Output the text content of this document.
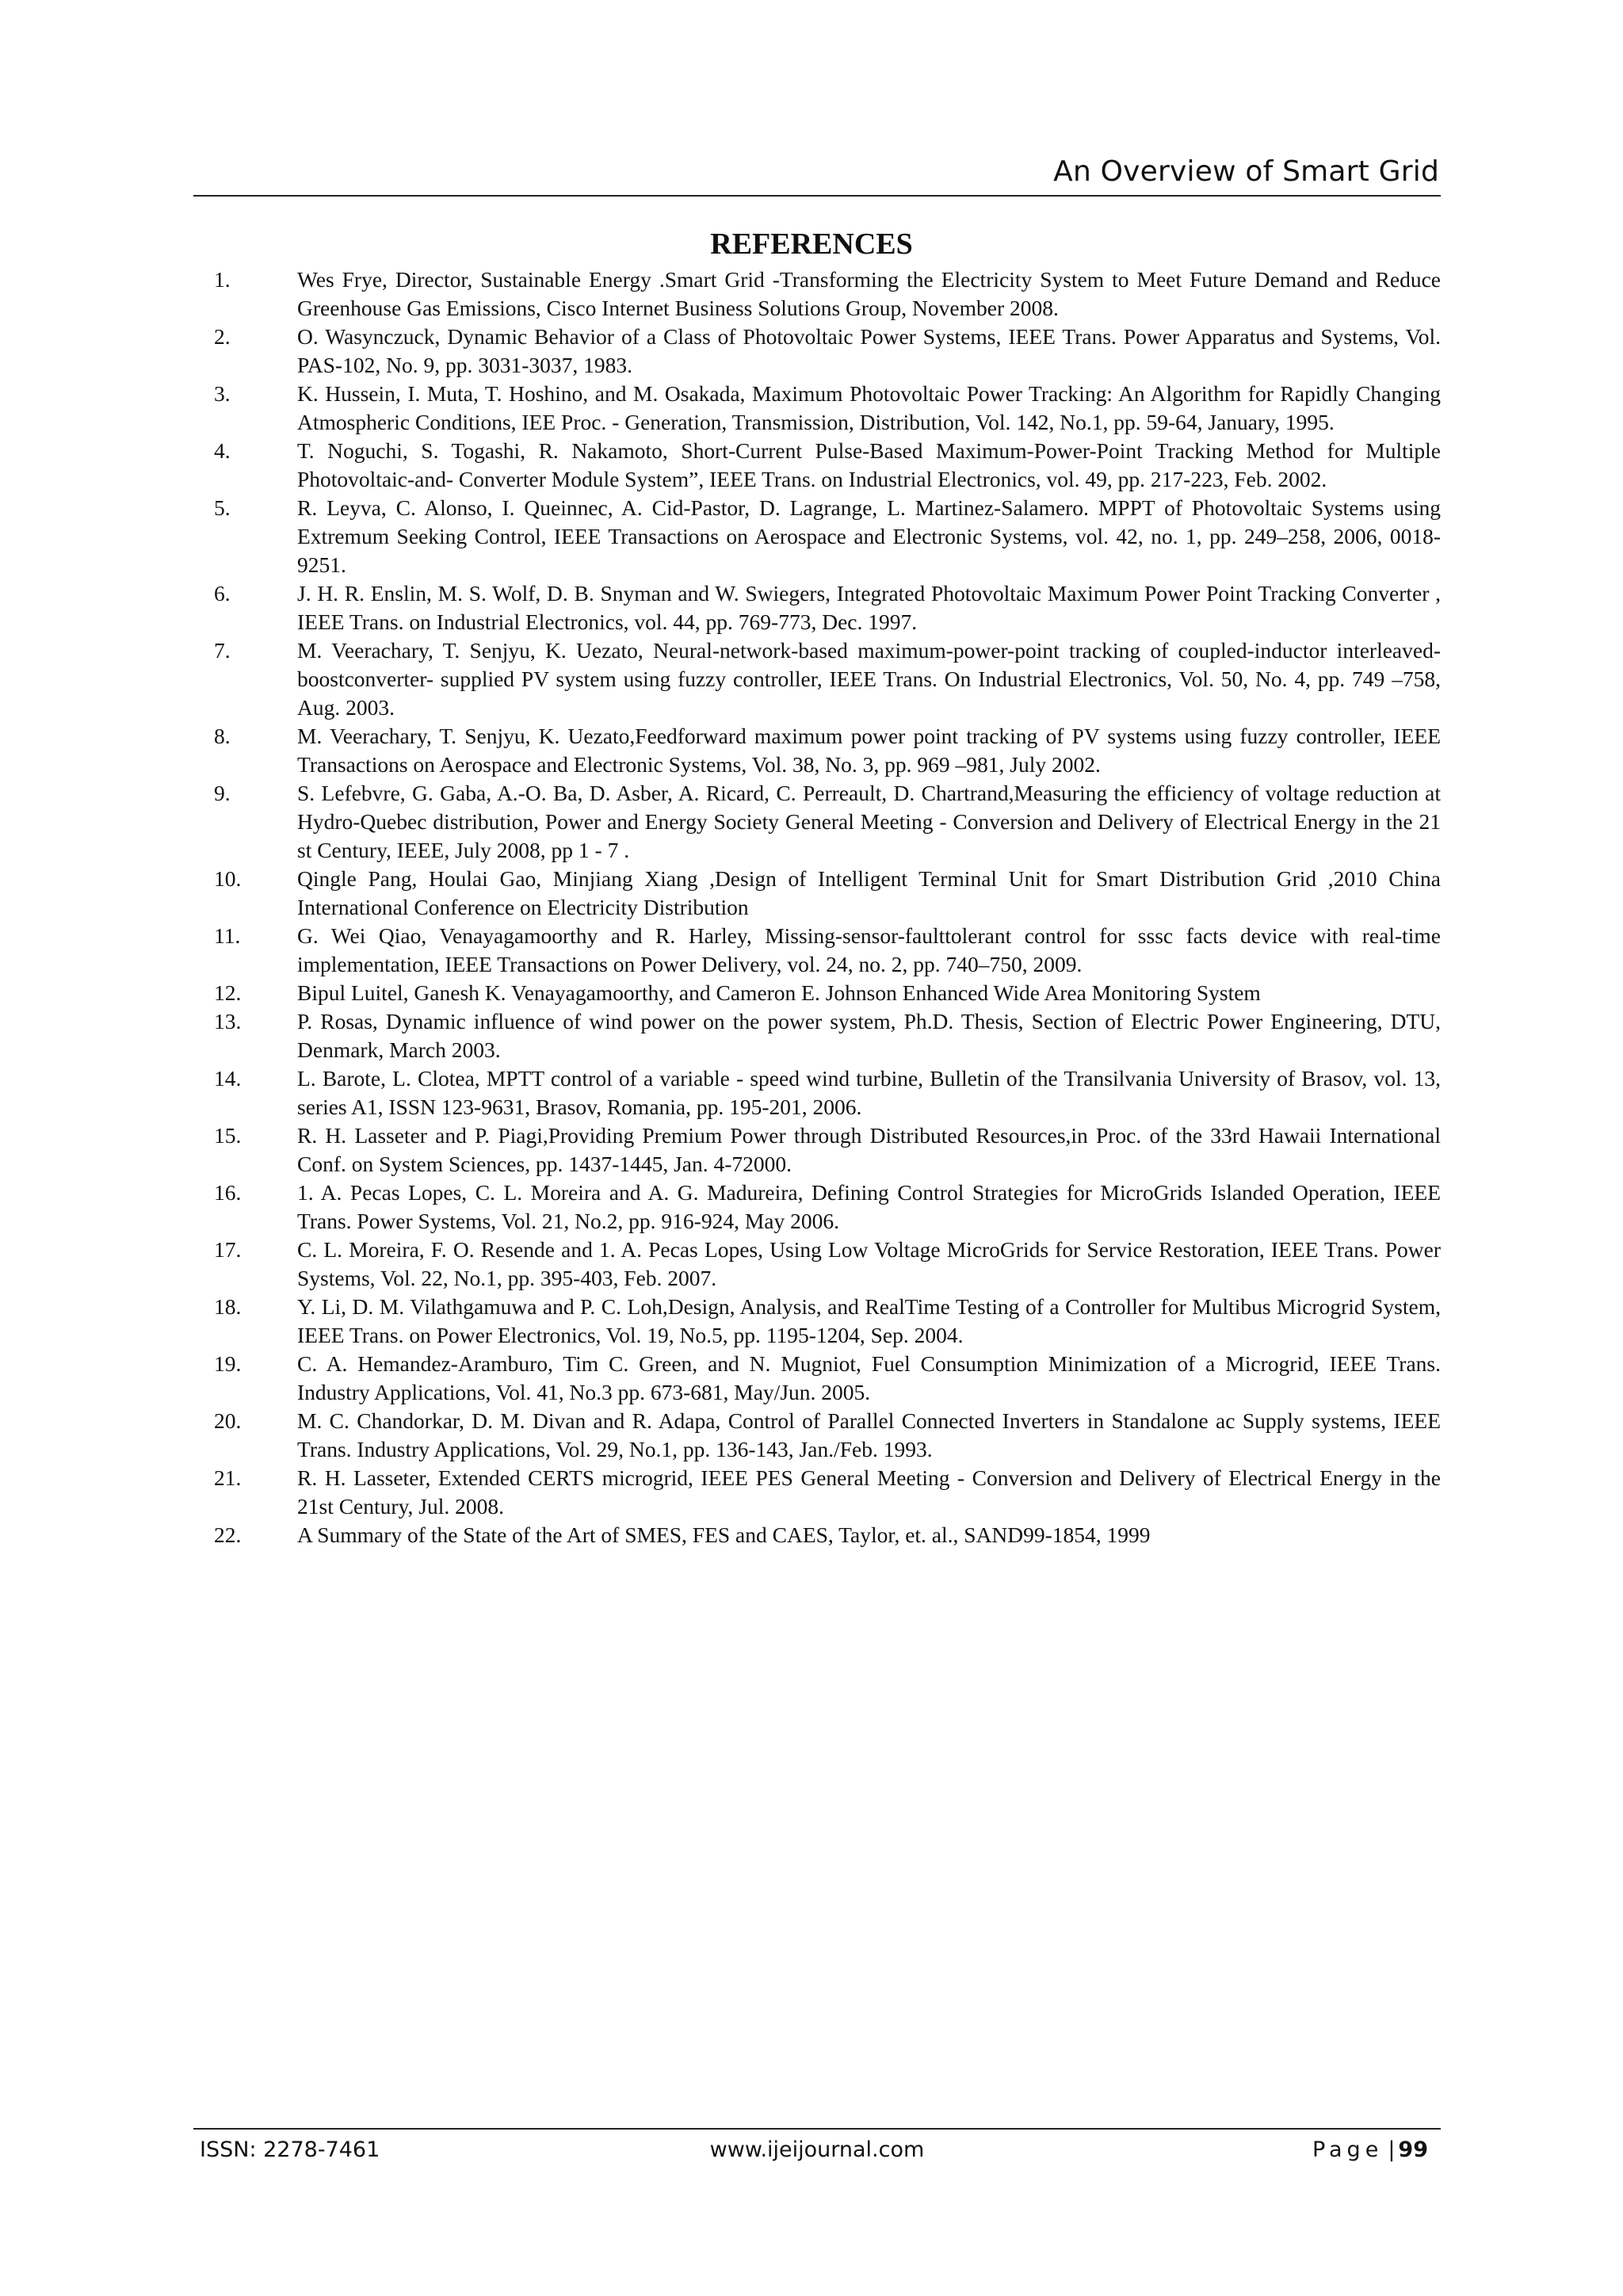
An Overview of Smart Grid
REFERENCES
1.	Wes Frye, Director, Sustainable Energy .Smart Grid -Transforming the Electricity System to Meet Future Demand and Reduce Greenhouse Gas Emissions, Cisco Internet Business Solutions Group, November 2008.
2.	O. Wasynczuck, Dynamic Behavior of a Class of Photovoltaic Power Systems, IEEE Trans. Power Apparatus and Systems, Vol. PAS-102, No. 9, pp. 3031-3037, 1983.
3.	K. Hussein, I. Muta, T. Hoshino, and M. Osakada, Maximum Photovoltaic Power Tracking: An Algorithm for Rapidly Changing Atmospheric Conditions, IEE Proc. - Generation, Transmission, Distribution, Vol. 142, No.1, pp. 59-64, January, 1995.
4.	T. Noguchi, S. Togashi, R. Nakamoto, Short-Current Pulse-Based Maximum-Power-Point Tracking Method for Multiple Photovoltaic-and- Converter Module System”, IEEE Trans. on Industrial Electronics, vol. 49, pp. 217-223, Feb. 2002.
5.	R. Leyva, C. Alonso, I. Queinnec, A. Cid-Pastor, D. Lagrange, L. Martinez-Salamero. MPPT of Photovoltaic Systems using Extremum Seeking Control, IEEE Transactions on Aerospace and Electronic Systems, vol. 42, no. 1, pp. 249–258, 2006, 0018-9251.
6.	J. H. R. Enslin, M. S. Wolf, D. B. Snyman and W. Swiegers, Integrated Photovoltaic Maximum Power Point Tracking Converter , IEEE Trans. on Industrial Electronics, vol. 44, pp. 769-773, Dec. 1997.
7.	M. Veerachary, T. Senjyu, K. Uezato, Neural-network-based maximum-power-point tracking of coupled-inductor interleaved-boostconverter- supplied PV system using fuzzy controller, IEEE Trans. On Industrial Electronics, Vol. 50, No. 4, pp. 749 –758, Aug. 2003.
8.	M. Veerachary, T. Senjyu, K. Uezato,Feedforward maximum power point tracking of PV systems using fuzzy controller, IEEE Transactions on Aerospace and Electronic Systems, Vol. 38, No. 3, pp. 969 –981, July 2002.
9.	S. Lefebvre, G. Gaba, A.-O. Ba, D. Asber, A. Ricard, C. Perreault, D. Chartrand,Measuring the efficiency of voltage reduction at Hydro-Quebec distribution, Power and Energy Society General Meeting - Conversion and Delivery of Electrical Energy in the 21 st Century, IEEE, July 2008, pp 1 - 7 .
10.	Qingle Pang, Houlai Gao, Minjiang Xiang ,Design of Intelligent Terminal Unit for Smart Distribution Grid ,2010 China International Conference on Electricity Distribution
11.	G. Wei Qiao, Venayagamoorthy and R. Harley, Missing-sensor-faulttolerant control for sssc facts device with real-time implementation, IEEE Transactions on Power Delivery, vol. 24, no. 2, pp. 740–750, 2009.
12.	Bipul Luitel, Ganesh K. Venayagamoorthy, and Cameron E. Johnson Enhanced Wide Area Monitoring System
13.	P. Rosas, Dynamic influence of wind power on the power system, Ph.D. Thesis, Section of Electric Power Engineering, DTU, Denmark, March 2003.
14.	L. Barote, L. Clotea, MPTT control of a variable - speed wind turbine, Bulletin of the Transilvania University of Brasov, vol. 13, series A1, ISSN 123-9631, Brasov, Romania, pp. 195-201, 2006.
15.	R. H. Lasseter and P. Piagi,Providing Premium Power through Distributed Resources,in Proc. of the 33rd Hawaii International Conf. on System Sciences, pp. 1437-1445, Jan. 4-72000.
16.	1. A. Pecas Lopes, C. L. Moreira and A. G. Madureira, Defining Control Strategies for MicroGrids Islanded Operation, IEEE Trans. Power Systems, Vol. 21, No.2, pp. 916-924, May 2006.
17.	C. L. Moreira, F. O. Resende and 1. A. Pecas Lopes, Using Low Voltage MicroGrids for Service Restoration, IEEE Trans. Power Systems, Vol. 22, No.1, pp. 395-403, Feb. 2007.
18.	Y. Li, D. M. Vilathgamuwa and P. C. Loh,Design, Analysis, and RealTime Testing of a Controller for Multibus Microgrid System, IEEE Trans. on Power Electronics, Vol. 19, No.5, pp. 1195-1204, Sep. 2004.
19.	C. A. Hemandez-Aramburo, Tim C. Green, and N. Mugniot, Fuel Consumption Minimization of a Microgrid, IEEE Trans. Industry Applications, Vol. 41, No.3 pp. 673-681, May/Jun. 2005.
20.	M. C. Chandorkar, D. M. Divan and R. Adapa, Control of Parallel Connected Inverters in Standalone ac Supply systems, IEEE Trans. Industry Applications, Vol. 29, No.1, pp. 136-143, Jan./Feb. 1993.
21.	R. H. Lasseter, Extended CERTS microgrid, IEEE PES General Meeting - Conversion and Delivery of Electrical Energy in the 21st Century, Jul. 2008.
22.	A Summary of the State of the Art of SMES, FES and CAES, Taylor, et. al., SAND99-1854, 1999
ISSN: 2278-7461	www.ijeijournal.com	Page | 99
